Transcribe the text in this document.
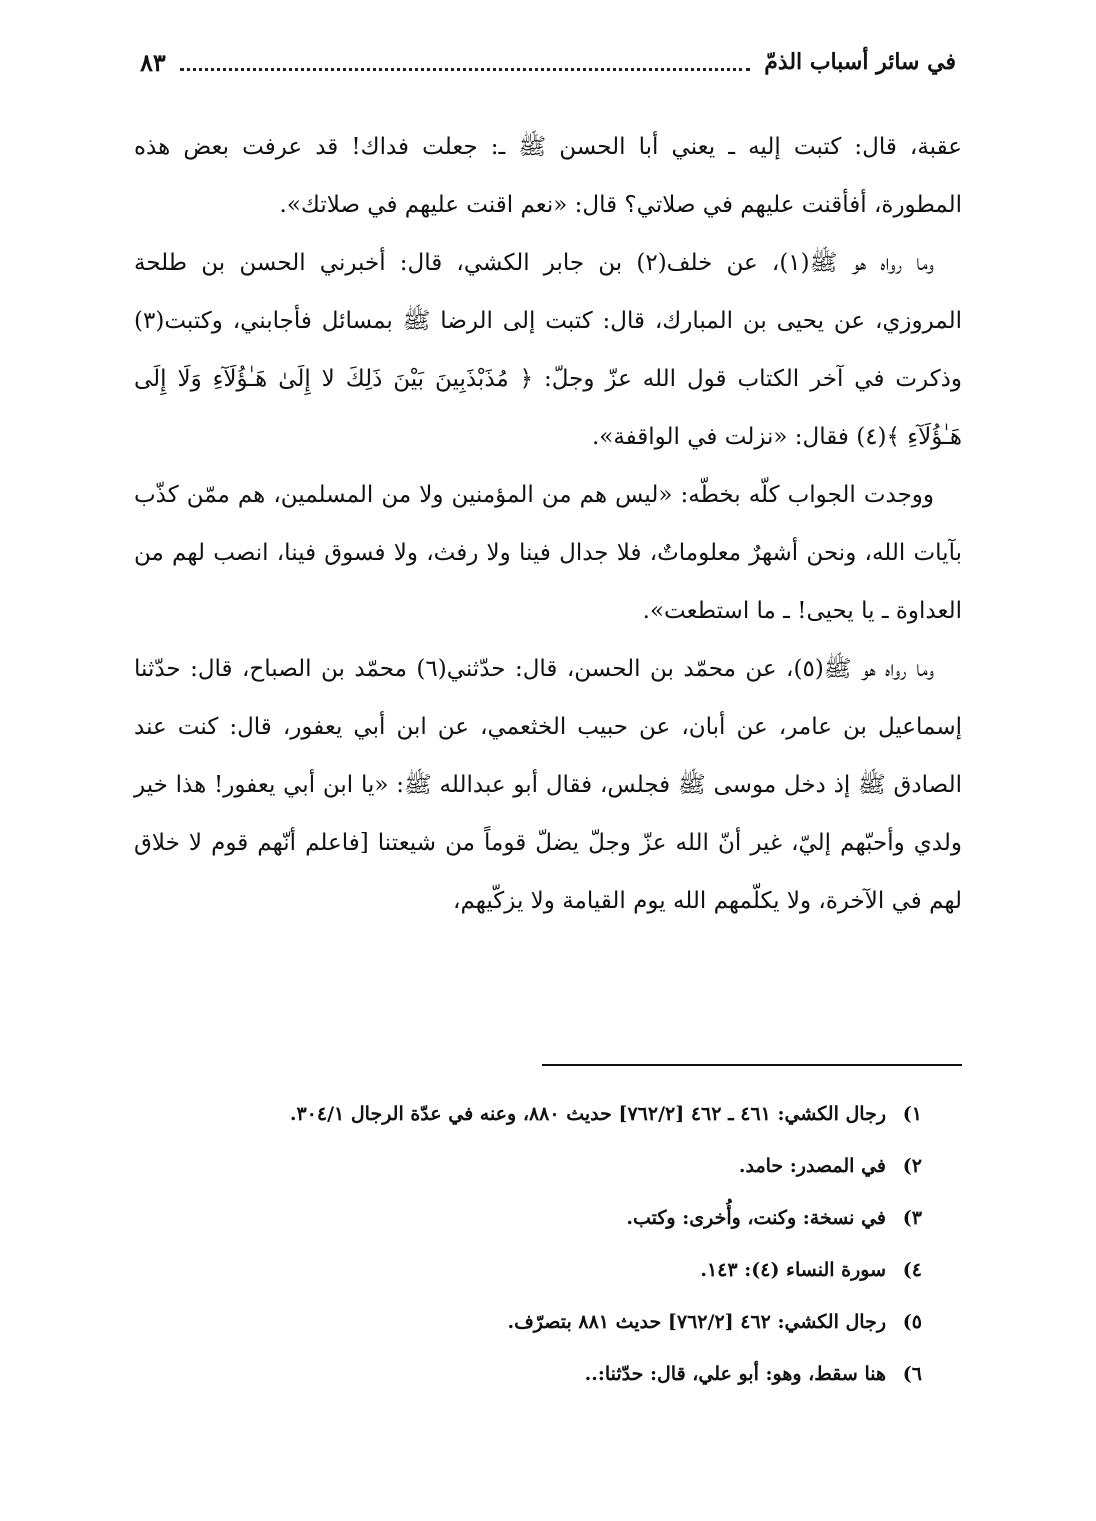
في سائر أسباب الذمّ
٨٣

عقبة، قال: كتبت إليه ـ يعني أبا الحسن ﷺ ـ: جعلت فداك! قد عرفت بعض هذه المطورة، أفأقنت عليهم في صلاتي؟ قال: «نعم اقنت عليهم في صلاتك».

وما رواه هو ﷺ(١)، عن خلف(٢) بن جابر الكشي، قال: أخبرني الحسن بن طلحة المروزي، عن يحيى بن المبارك، قال: كتبت إلى الرضا ﷺ بمسائل فأجابني، وكتبت(٣) وذكرت في آخر الكتاب قول الله عزّ وجلّ: ﴿ مُذَبْذَبِينَ بَيْنَ ذَلِكَ لا إِلَىٰ هَـٰؤُلَآءِ وَلَا إِلَى هَـٰؤُلَآءِ ﴾(٤) فقال: «نزلت في الواقفة».

ووجدت الجواب كلّه بخطّه: «ليس هم من المؤمنين ولا من المسلمين، هم ممّن كذّب بآيات الله، ونحن أشهرٌ معلوماتٌ، فلا جدال فينا ولا رفث، ولا فسوق فينا، انصب لهم من العداوة ـ يا يحيى! ـ ما استطعت».

وما رواه هو ﷺ(٥)، عن محمّد بن الحسن، قال: حدّثني(٦) محمّد بن الصباح، قال: حدّثنا إسماعيل بن عامر، عن أبان، عن حبيب الخثعمي، عن ابن أبي يعفور، قال: كنت عند الصادق ﷺ إذ دخل موسى ﷺ فجلس، فقال أبو عبدالله ﷺ: «يا ابن أبي يعفور! هذا خير ولدي وأحبّهم إليّ، غير أنّ الله عزّ وجلّ يضلّ قوماً من شيعتنا [فاعلم أنّهم قوم لا خلاق لهم في الآخرة، ولا يكلّمهم الله يوم القيامة ولا يزكّيهم،

١)
رجال الكشي: ٤٦١ ـ ٤٦٢ [٧٦٢/٢] حديث ٨٨٠، وعنه في عدّة الرجال ٣٠٤/١.
٢)
في المصدر: حامد.
٣)
في نسخة: وكنت، وأُخرى: وكتب.
٤)
سورة النساء (٤): ١٤٣.
٥)
رجال الكشي: ٤٦٢ [٧٦٢/٢] حديث ٨٨١ بتصرّف.
٦)
هنا سقط، وهو: أبو علي، قال: حدّثنا:..
